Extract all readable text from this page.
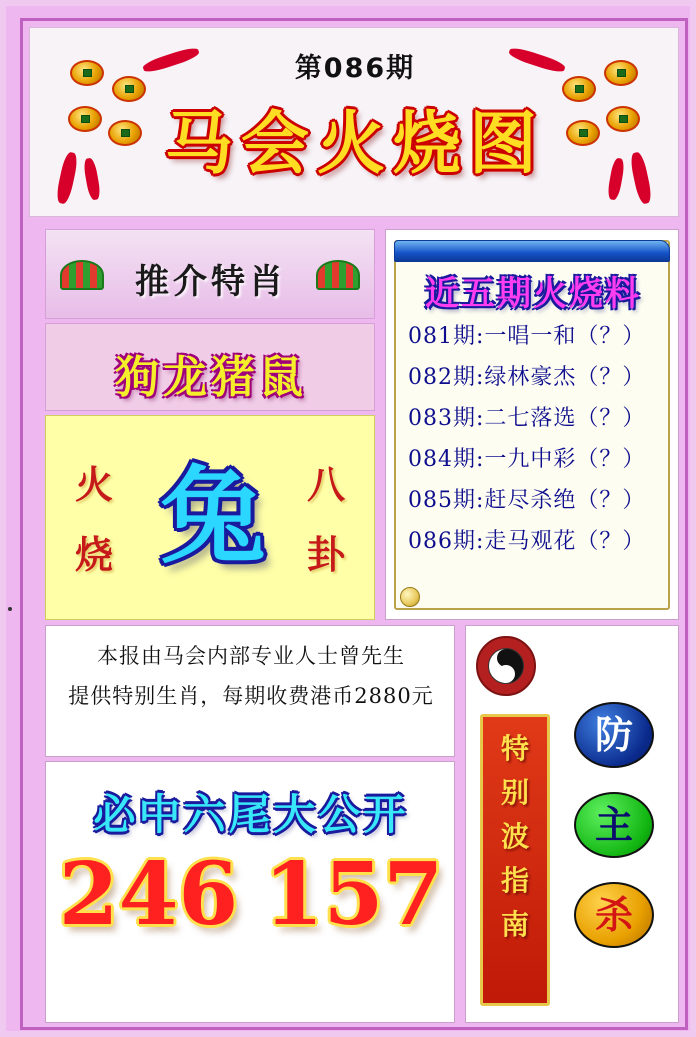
第086期
马会火烧图
推介特肖
狗龙猪鼠
火
烧 兔	八
卦
近五期火烧料
081期:一唱一和（？）
082期:绿林豪杰（？）
083期:二七落选（？）
084期:一九中彩（？）
085期:赶尽杀绝（？）
086期:走马观花（？）
本报由马会内部专业人士曾先生
提供特别生肖，每期收费港币2880元
必中六尾大公开
246 157
特
别
波
指
南
防
主
杀
